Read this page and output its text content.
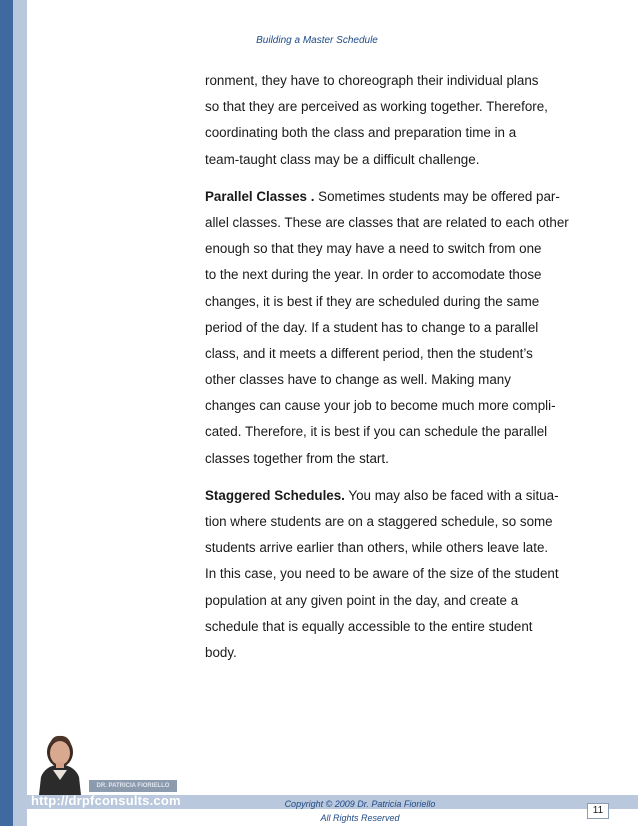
Building a Master Schedule
ronment, they have to choreograph their individual plans
so that they are perceived as working together. Therefore,
coordinating both the class and preparation time in a
team-taught class may be a difficult challenge.
Parallel Classes . Sometimes students may be offered par-
allel classes. These are classes that are related to each other
enough so that they may have a need to switch from one
to the next during the year. In order to accomodate those
changes, it is best if they are scheduled during the same
period of the day. If a student has to change to a parallel
class, and it meets a different period, then the student’s
other classes have to change as well. Making many
changes can cause your job to become much more compli-
cated. Therefore, it is best if you can schedule the parallel
classes together from the start.
Staggered Schedules. You may also be faced with a situa-
tion where students are on a staggered schedule, so some
students arrive earlier than others, while others leave late.
In this case, you need to be aware of the size of the student
population at any given point in the day, and create a
schedule that is equally accessible to the entire student
body.
DR. PATRICIA FIORIELLO
http://drpfconsults.com	Copyright © 2009 Dr. Patricia Fioriello
All Rights Reserved
11
